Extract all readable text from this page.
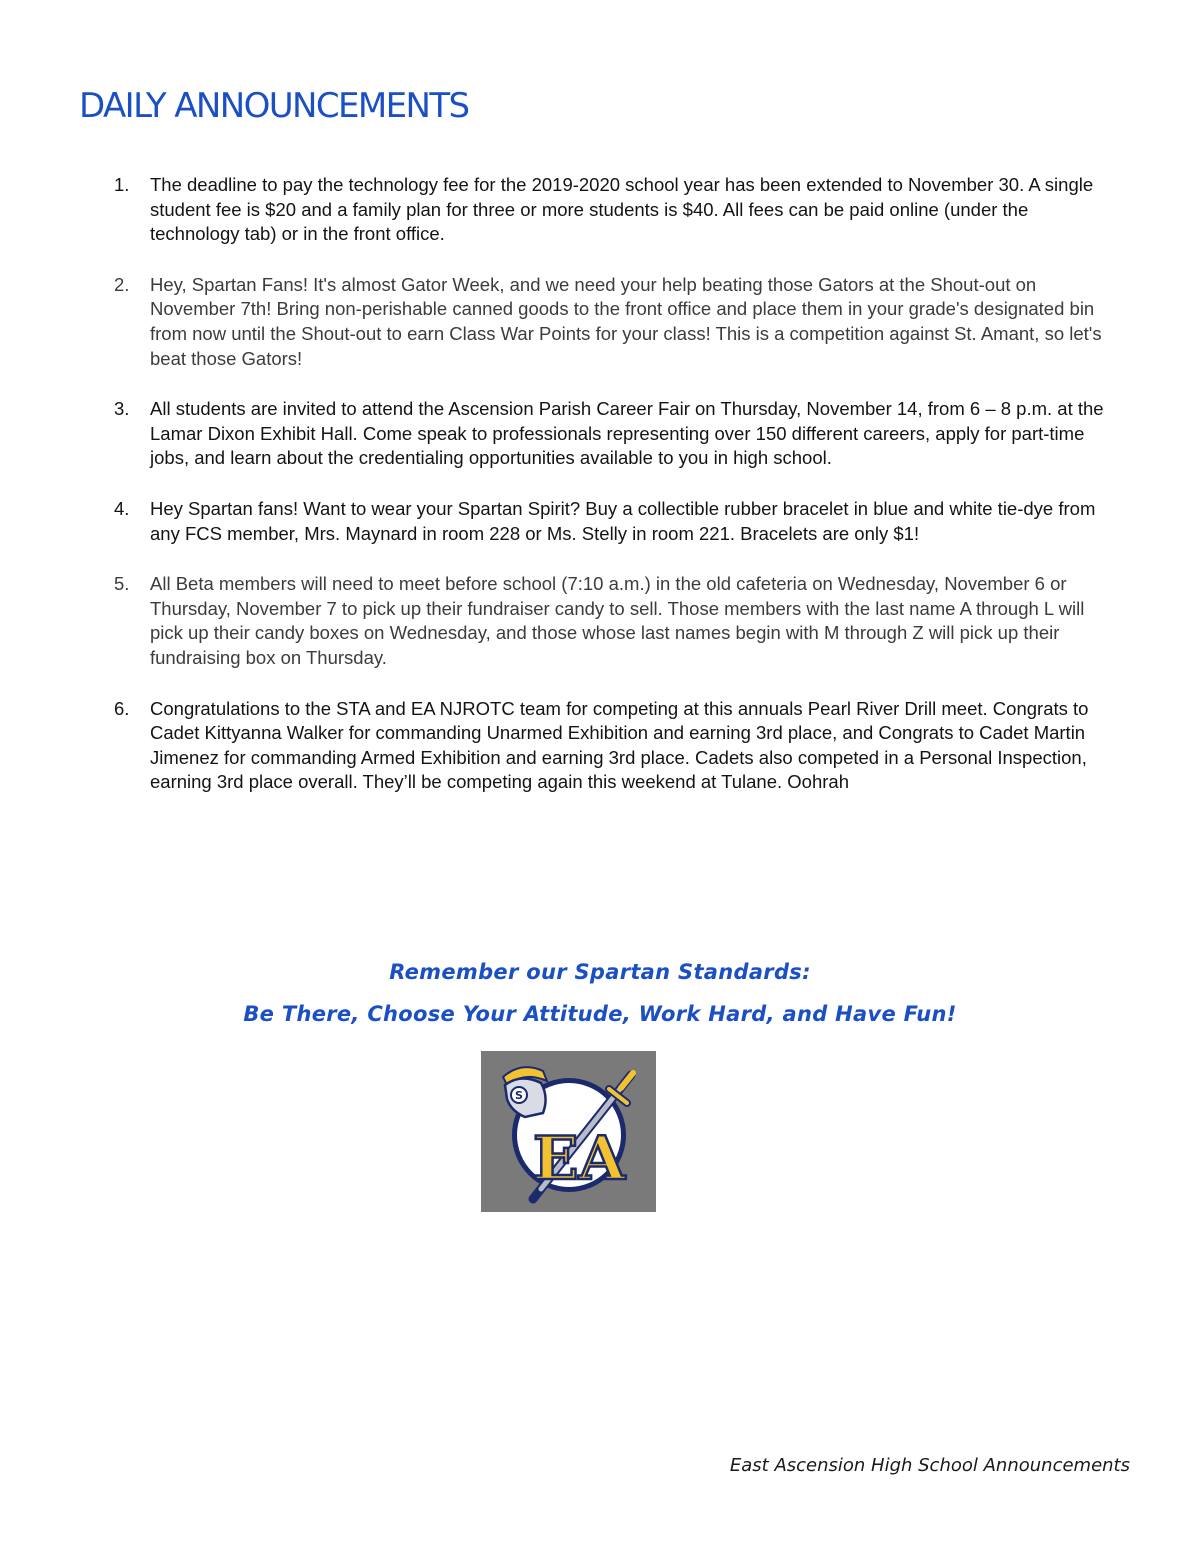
DAILY ANNOUNCEMENTS
1.	The deadline to pay the technology fee for the 2019-2020 school year has been extended to November 30. A single student fee is $20 and a family plan for three or more students is $40. All fees can be paid online (under the technology tab) or in the front office.
2.	Hey, Spartan Fans! It's almost Gator Week, and we need your help beating those Gators at the Shout-out on November 7th! Bring non-perishable canned goods to the front office and place them in your grade's designated bin from now until the Shout-out to earn Class War Points for your class! This is a competition against St. Amant, so let's beat those Gators!
3.	All students are invited to attend the Ascension Parish Career Fair on Thursday, November 14, from 6 – 8 p.m. at the Lamar Dixon Exhibit Hall. Come speak to professionals representing over 150 different careers, apply for part-time jobs, and learn about the credentialing opportunities available to you in high school.
4.	Hey Spartan fans! Want to wear your Spartan Spirit? Buy a collectible rubber bracelet in blue and white tie-dye from any FCS member, Mrs. Maynard in room 228 or Ms. Stelly in room 221. Bracelets are only $1!
5.	All Beta members will need to meet before school (7:10 a.m.) in the old cafeteria on Wednesday, November 6 or Thursday, November 7 to pick up their fundraiser candy to sell. Those members with the last name A through L will pick up their candy boxes on Wednesday, and those whose last names begin with M through Z will pick up their fundraising box on Thursday.
6.	Congratulations to the STA and EA NJROTC team for competing at this annuals Pearl River Drill meet. Congrats to Cadet Kittyanna Walker for commanding Unarmed Exhibition and earning 3rd place, and Congrats to Cadet Martin Jimenez for commanding Armed Exhibition and earning 3rd place. Cadets also competed in a Personal Inspection, earning 3rd place overall. They’ll be competing again this weekend at Tulane. Oohrah
Remember our Spartan Standards:
Be There, Choose Your Attitude, Work Hard, and Have Fun!
S
EA
East Ascension High School Announcements
